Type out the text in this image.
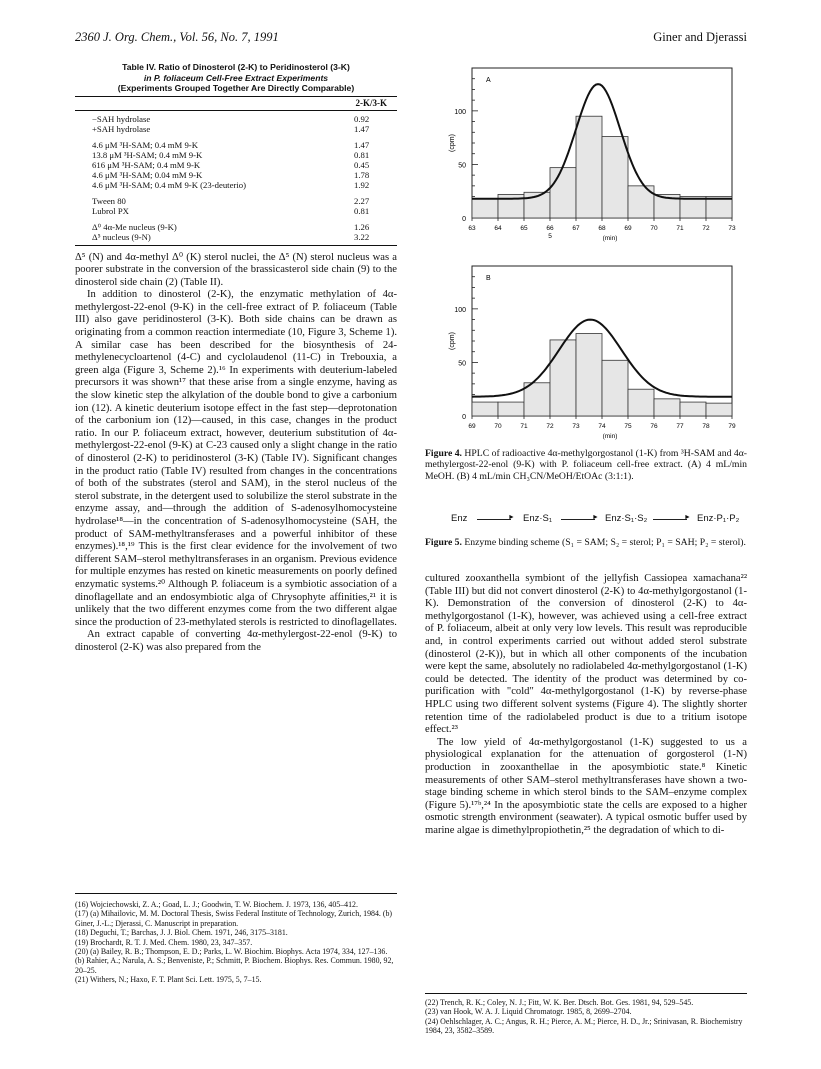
2360 J. Org. Chem., Vol. 56, No. 7, 1991	Giner and Djerassi
Table IV. Ratio of Dinosterol (2-K) to Peridinosterol (3-K)
in P. foliaceum Cell-Free Extract Experiments
(Experiments Grouped Together Are Directly Comparable)
2-K/3-K
−SAH hydrolase	0.92
+SAH hydrolase	1.47
4.6 μM ³H-SAM; 0.4 mM 9-K	1.47
13.8 μM ³H-SAM; 0.4 mM 9-K	0.81
616 μM ³H-SAM; 0.4 mM 9-K	0.45
4.6 μM ³H-SAM; 0.04 mM 9-K	1.78
4.6 μM ³H-SAM; 0.4 mM 9-K (23-deuterio)	1.92
Tween 80	2.27
Lubrol PX	0.81
Δ⁰ 4α-Me nucleus (9-K)	1.26
Δ⁵ nucleus (9-N)	3.22

Δ⁵ (N) and 4α-methyl Δ⁰ (K) sterol nuclei, the Δ⁵ (N) sterol nucleus was a poorer substrate in the conversion of the brassicasterol side chain (9) to the dinosterol side chain (2) (Table II).

In addition to dinosterol (2-K), the enzymatic methylation of 4α-methylergost-22-enol (9-K) in the cell-free extract of P. foliaceum (Table III) also gave peridinosterol (3-K). Both side chains can be drawn as originating from a common reaction intermediate (10, Figure 3, Scheme 1). A similar case has been described for the biosynthesis of 24-methylenecycloartenol (4-C) and cyclolaudenol (11-C) in Trebouxia, a green alga (Figure 3, Scheme 2).¹⁶ In experiments with deuterium-labeled precursors it was shown¹⁷ that these arise from a single enzyme, having as the slow kinetic step the alkylation of the double bond to give a carbonium ion (12). A kinetic deuterium isotope effect in the fast step—deprotonation of the carbonium ion (12)—caused, in this case, changes in the product ratio. In our P. foliaceum extract, however, deuterium substitution of 4α-methylergost-22-enol (9-K) at C-23 caused only a slight change in the ratio of dinosterol (2-K) to peridinosterol (3-K) (Table IV). Significant changes in the product ratio (Table IV) resulted from changes in the concentrations of both of the substrates (sterol and SAM), in the sterol nucleus of the sterol substrate, in the detergent used to solubilize the sterol substrate in the enzyme assay, and—through the addition of S-adenosylhomocysteine hydrolase¹⁸—in the concentration of S-adenosylhomocysteine (SAH, the product of SAM-methyltransferases and a powerful inhibitor of these enzymes).¹⁸,¹⁹ This is the first clear evidence for the involvement of two different SAM–sterol methyltransferases in an organism. Previous evidence for multiple enzymes has rested on kinetic measurements on poorly defined enzymatic systems.²⁰ Although P. foliaceum is a symbiotic association of a dinoflagellate and an endosymbiotic alga of Chrysophyte affinities,²¹ it is unlikely that the two different enzymes come from the two different algae since the production of 23-methylated sterols is restricted to dinoflagellates.

An extract capable of converting 4α-methylergost-22-enol (9-K) to dinosterol (2-K) was also prepared from the

(16) Wojciechowski, Z. A.; Goad, L. J.; Goodwin, T. W. Biochem. J. 1973, 136, 405–412.
(17) (a) Mihailovic, M. M. Doctoral Thesis, Swiss Federal Institute of Technology, Zurich, 1984. (b) Giner, J.-L.; Djerassi, C. Manuscript in preparation.
(18) Deguchi, T.; Barchas, J. J. Biol. Chem. 1971, 246, 3175–3181.
(19) Brochardt, R. T. J. Med. Chem. 1980, 23, 347–357.
(20) (a) Bailey, R. B.; Thompson, E. D.; Parks, L. W. Biochim. Biophys. Acta 1974, 334, 127–136. (b) Rahier, A.; Narula, A. S.; Benveniste, P.; Schmitt, P. Biochem. Biophys. Res. Commun. 1980, 92, 20–25.
(21) Withers, N.; Haxo, F. T. Plant Sci. Lett. 1975, 5, 7–15.
0
50
100
(cpm)
63	64	65	66
5
67	68	69	70	71	72	73
(min)
A
0
50
100
(cpm)
69	70	71	72	73	74	75	76	77	78	79
(min)
B
Figure 4. HPLC of radioactive 4α-methylgorgostanol (1-K) from ³H-SAM and 4α-methylergost-22-enol (9-K) with P. foliaceum cell-free extract. (A) 4 mL/min MeOH. (B) 4 mL/min CH₃CN/MeOH/EtOAc (3:1:1).
Enz	► Enz·S₁	► Enz·S₁·S₂	► Enz·P₁·P₂
Figure 5. Enzyme binding scheme (S₁ = SAM; S₂ = sterol; P₁ = SAH; P₂ = sterol).

cultured zooxanthella symbiont of the jellyfish Cassiopea xamachana²² (Table III) but did not convert dinosterol (2-K) to 4α-methylgorgostanol (1-K). Demonstration of the conversion of dinosterol (2-K) to 4α-methylgorgostanol (1-K), however, was achieved using a cell-free extract of P. foliaceum, albeit at only very low levels. This result was reproducible and, in control experiments carried out without added sterol substrate (dinosterol (2-K)), but in which all other components of the incubation were kept the same, absolutely no radiolabeled 4α-methylgorgostanol (1-K) could be detected. The identity of the product was determined by co-purification with "cold" 4α-methylgorgostanol (1-K) by reverse-phase HPLC using two different solvent systems (Figure 4). The slightly shorter retention time of the radiolabeled product is due to a tritium isotope effect.²³

The low yield of 4α-methylgorgostanol (1-K) suggested to us a physiological explanation for the attenuation of gorgosterol (1-N) production in zooxanthellae in the aposymbiotic state.⁸ Kinetic measurements of other SAM–sterol methyltransferases have shown a two-stage binding scheme in which sterol binds to the SAM–enzyme complex (Figure 5).¹⁷ᵇ,²⁴ In the aposymbiotic state the cells are exposed to a higher osmotic strength environment (seawater). A typical osmotic buffer used by marine algae is dimethylpropiothetin,²⁵ the degradation of which to di-

(22) Trench, R. K.; Coley, N. J.; Fitt, W. K. Ber. Dtsch. Bot. Ges. 1981, 94, 529–545.
(23) van Hook, W. A. J. Liquid Chromatogr. 1985, 8, 2699–2704.
(24) Oehlschlager, A. C.; Angus, R. H.; Pierce, A. M.; Pierce, H. D., Jr.; Srinivasan, R. Biochemistry 1984, 23, 3582–3589.
